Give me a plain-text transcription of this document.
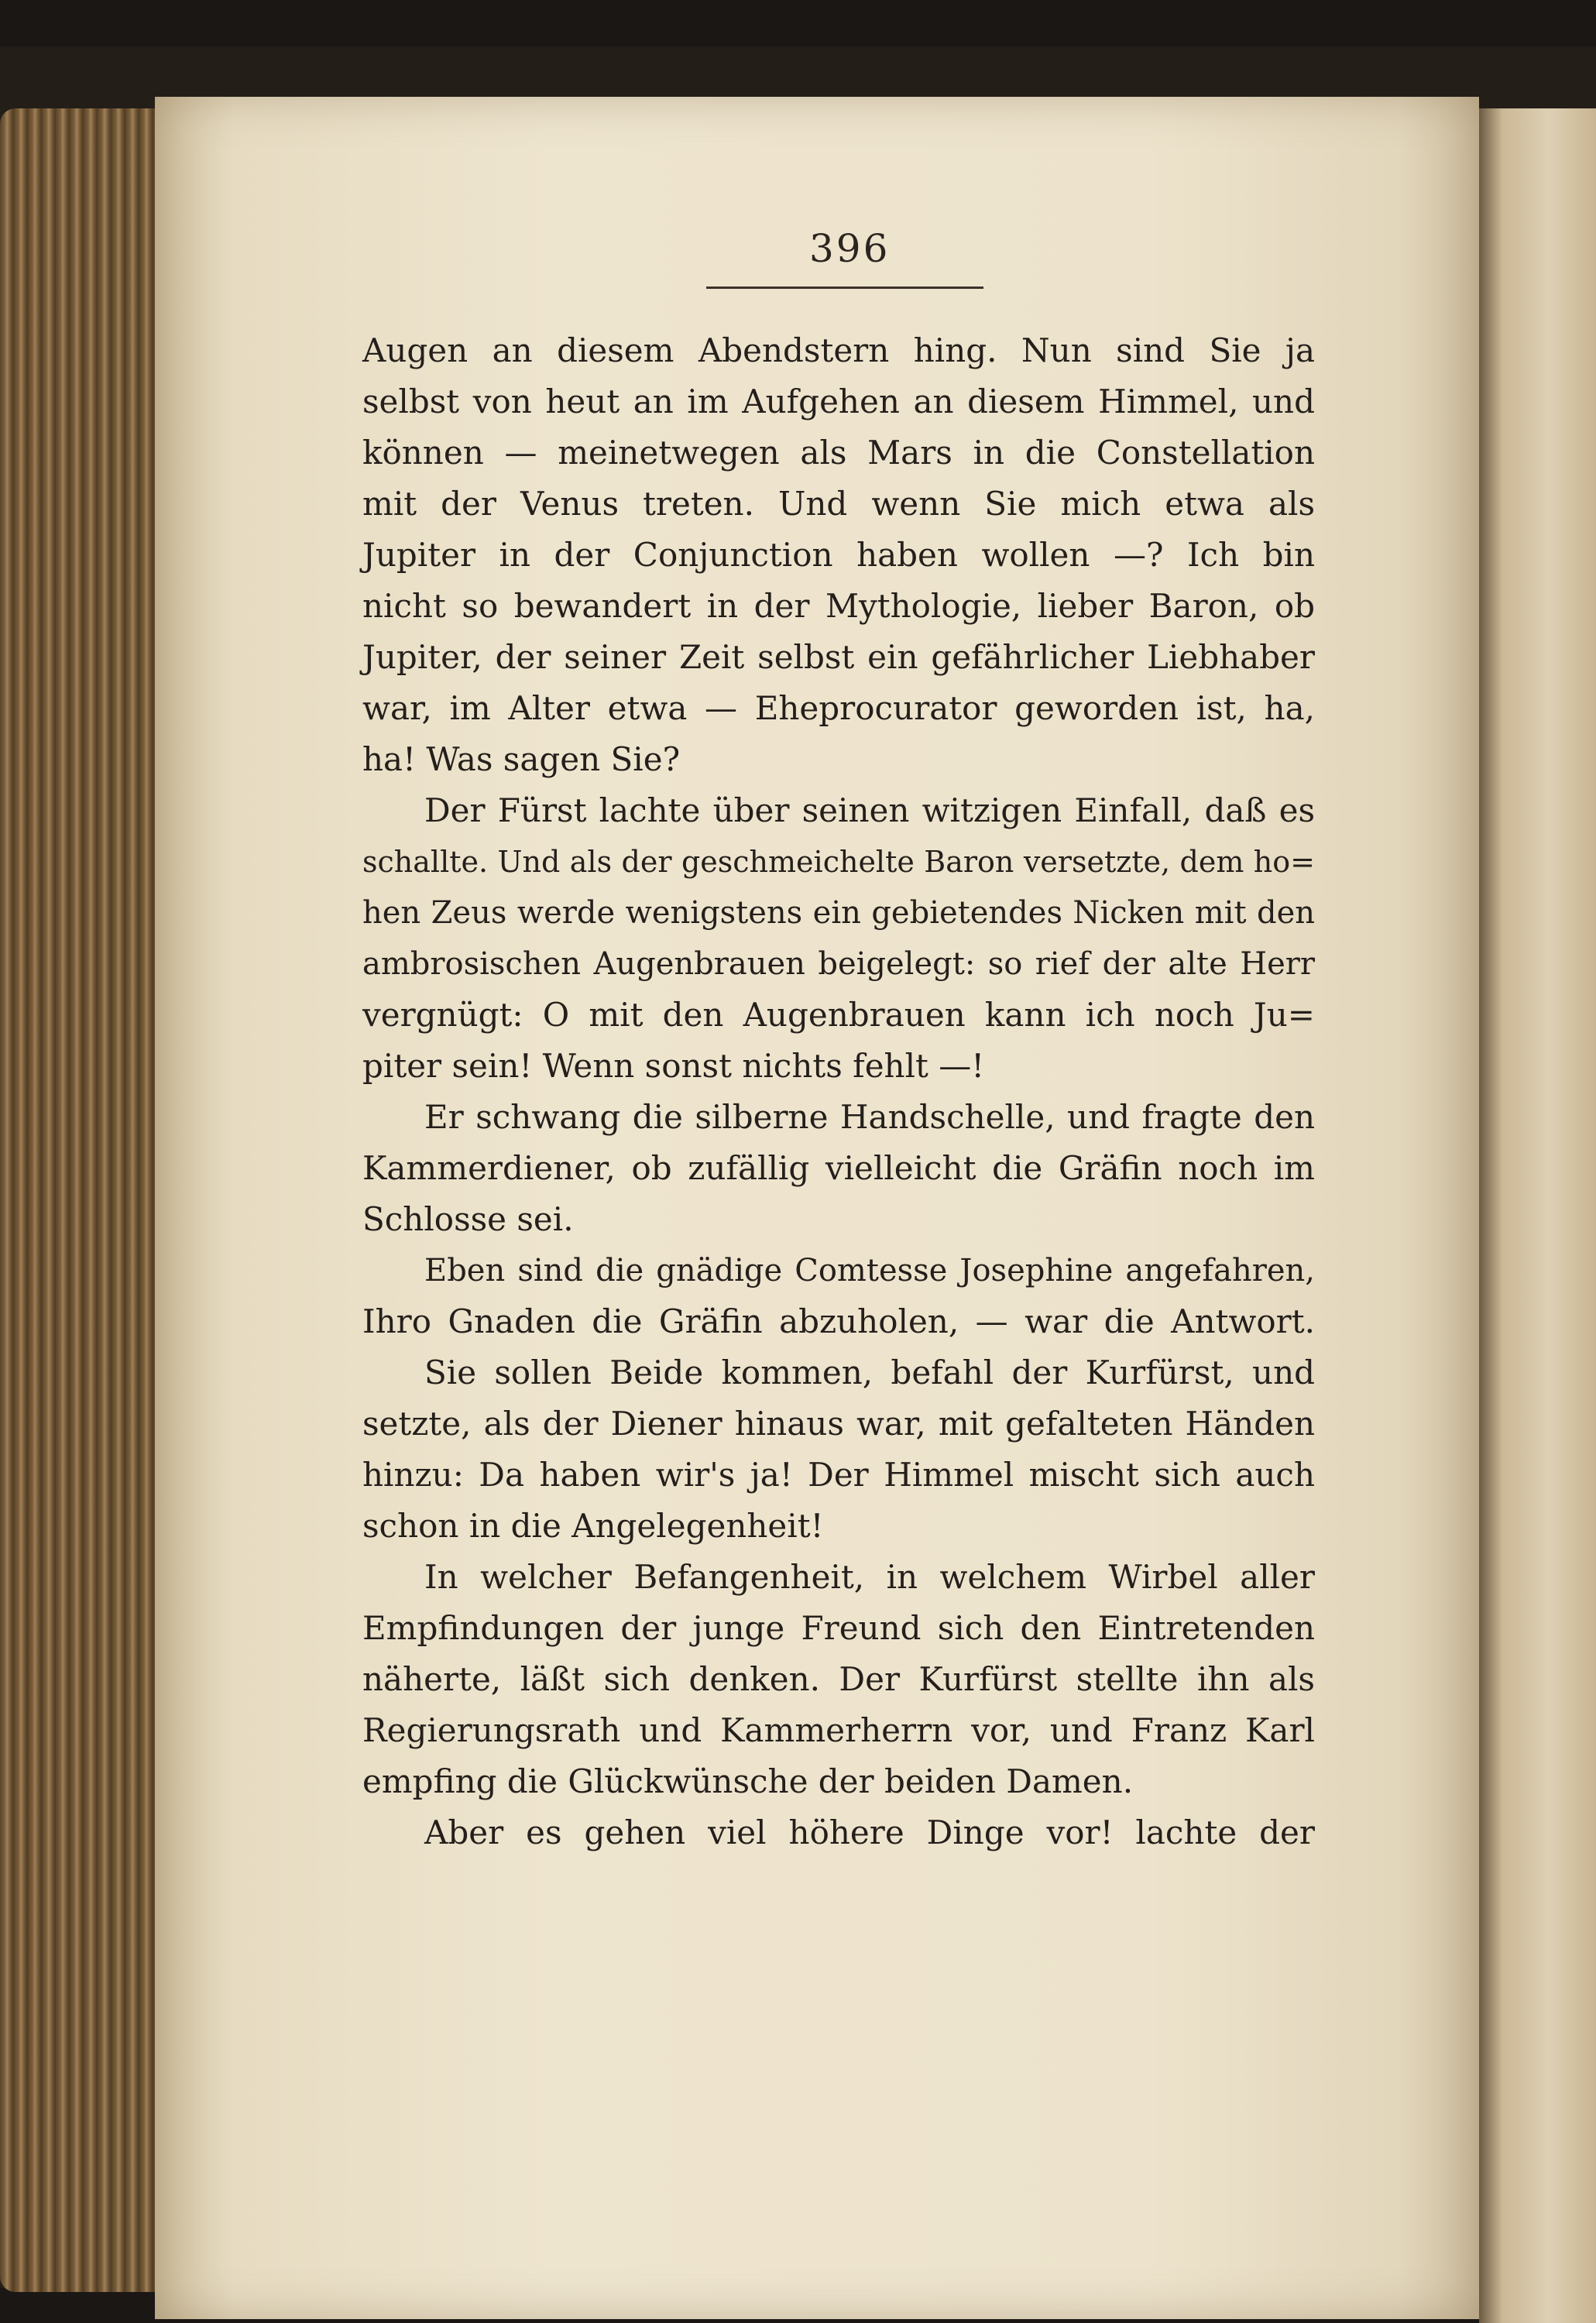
396
Augen an diesem Abendstern hing. Nun sind Sie ja
selbst von heut an im Aufgehen an diesem Himmel, und
können — meinetwegen als Mars in die Constellation
mit der Venus treten. Und wenn Sie mich etwa als
Jupiter in der Conjunction haben wollen —? Ich bin
nicht so bewandert in der Mythologie, lieber Baron, ob
Jupiter, der seiner Zeit selbst ein gefährlicher Liebhaber
war, im Alter etwa — Eheprocurator geworden ist, ha,
ha! Was sagen Sie?
Der Fürst lachte über seinen witzigen Einfall, daß es
schallte. Und als der geschmeichelte Baron versetzte, dem ho=
hen Zeus werde wenigstens ein gebietendes Nicken mit den
ambrosischen Augenbrauen beigelegt: so rief der alte Herr
vergnügt: O mit den Augenbrauen kann ich noch Ju=
piter sein! Wenn sonst nichts fehlt —!
Er schwang die silberne Handschelle, und fragte den
Kammerdiener, ob zufällig vielleicht die Gräfin noch im
Schlosse sei.
Eben sind die gnädige Comtesse Josephine angefahren,
Ihro Gnaden die Gräfin abzuholen, — war die Antwort.
Sie sollen Beide kommen, befahl der Kurfürst, und
setzte, als der Diener hinaus war, mit gefalteten Händen
hinzu: Da haben wir's ja! Der Himmel mischt sich auch
schon in die Angelegenheit!
In welcher Befangenheit, in welchem Wirbel aller
Empfindungen der junge Freund sich den Eintretenden
näherte, läßt sich denken. Der Kurfürst stellte ihn als
Regierungsrath und Kammerherrn vor, und Franz Karl
empfing die Glückwünsche der beiden Damen.
Aber es gehen viel höhere Dinge vor! lachte der
